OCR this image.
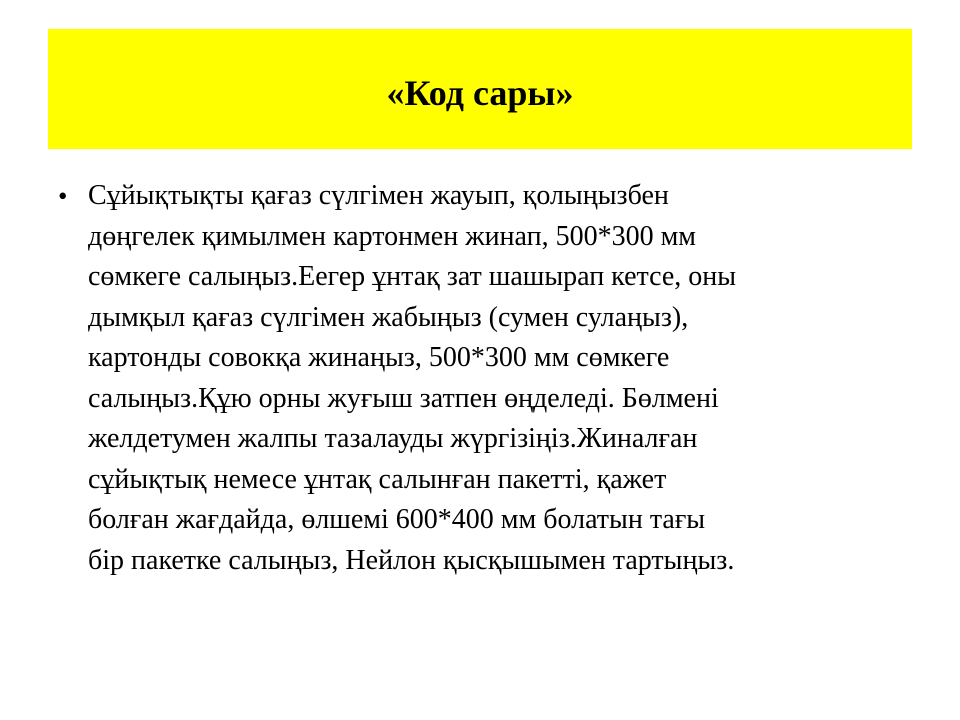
«Код сары»
• Сұйықтықты қағаз сүлгімен жауып, қолыңызбен
дөңгелек қимылмен картонмен жинап, 500*300 мм
сөмкеге салыңыз.Еегер ұнтақ зат шашырап кетсе, оны
дымқыл қағаз сүлгімен жабыңыз (сумен сулаңыз),
картонды совокқа жинаңыз, 500*300 мм сөмкеге
салыңыз.Құю орны жуғыш затпен өңделеді. Бөлмені
желдетумен жалпы тазалауды жүргізіңіз.Жиналған
сұйықтық немесе ұнтақ салынған пакетті, қажет
болған жағдайда, өлшемі 600*400 мм болатын тағы
бір пакетке салыңыз, Нейлон қысқышымен тартыңыз.
